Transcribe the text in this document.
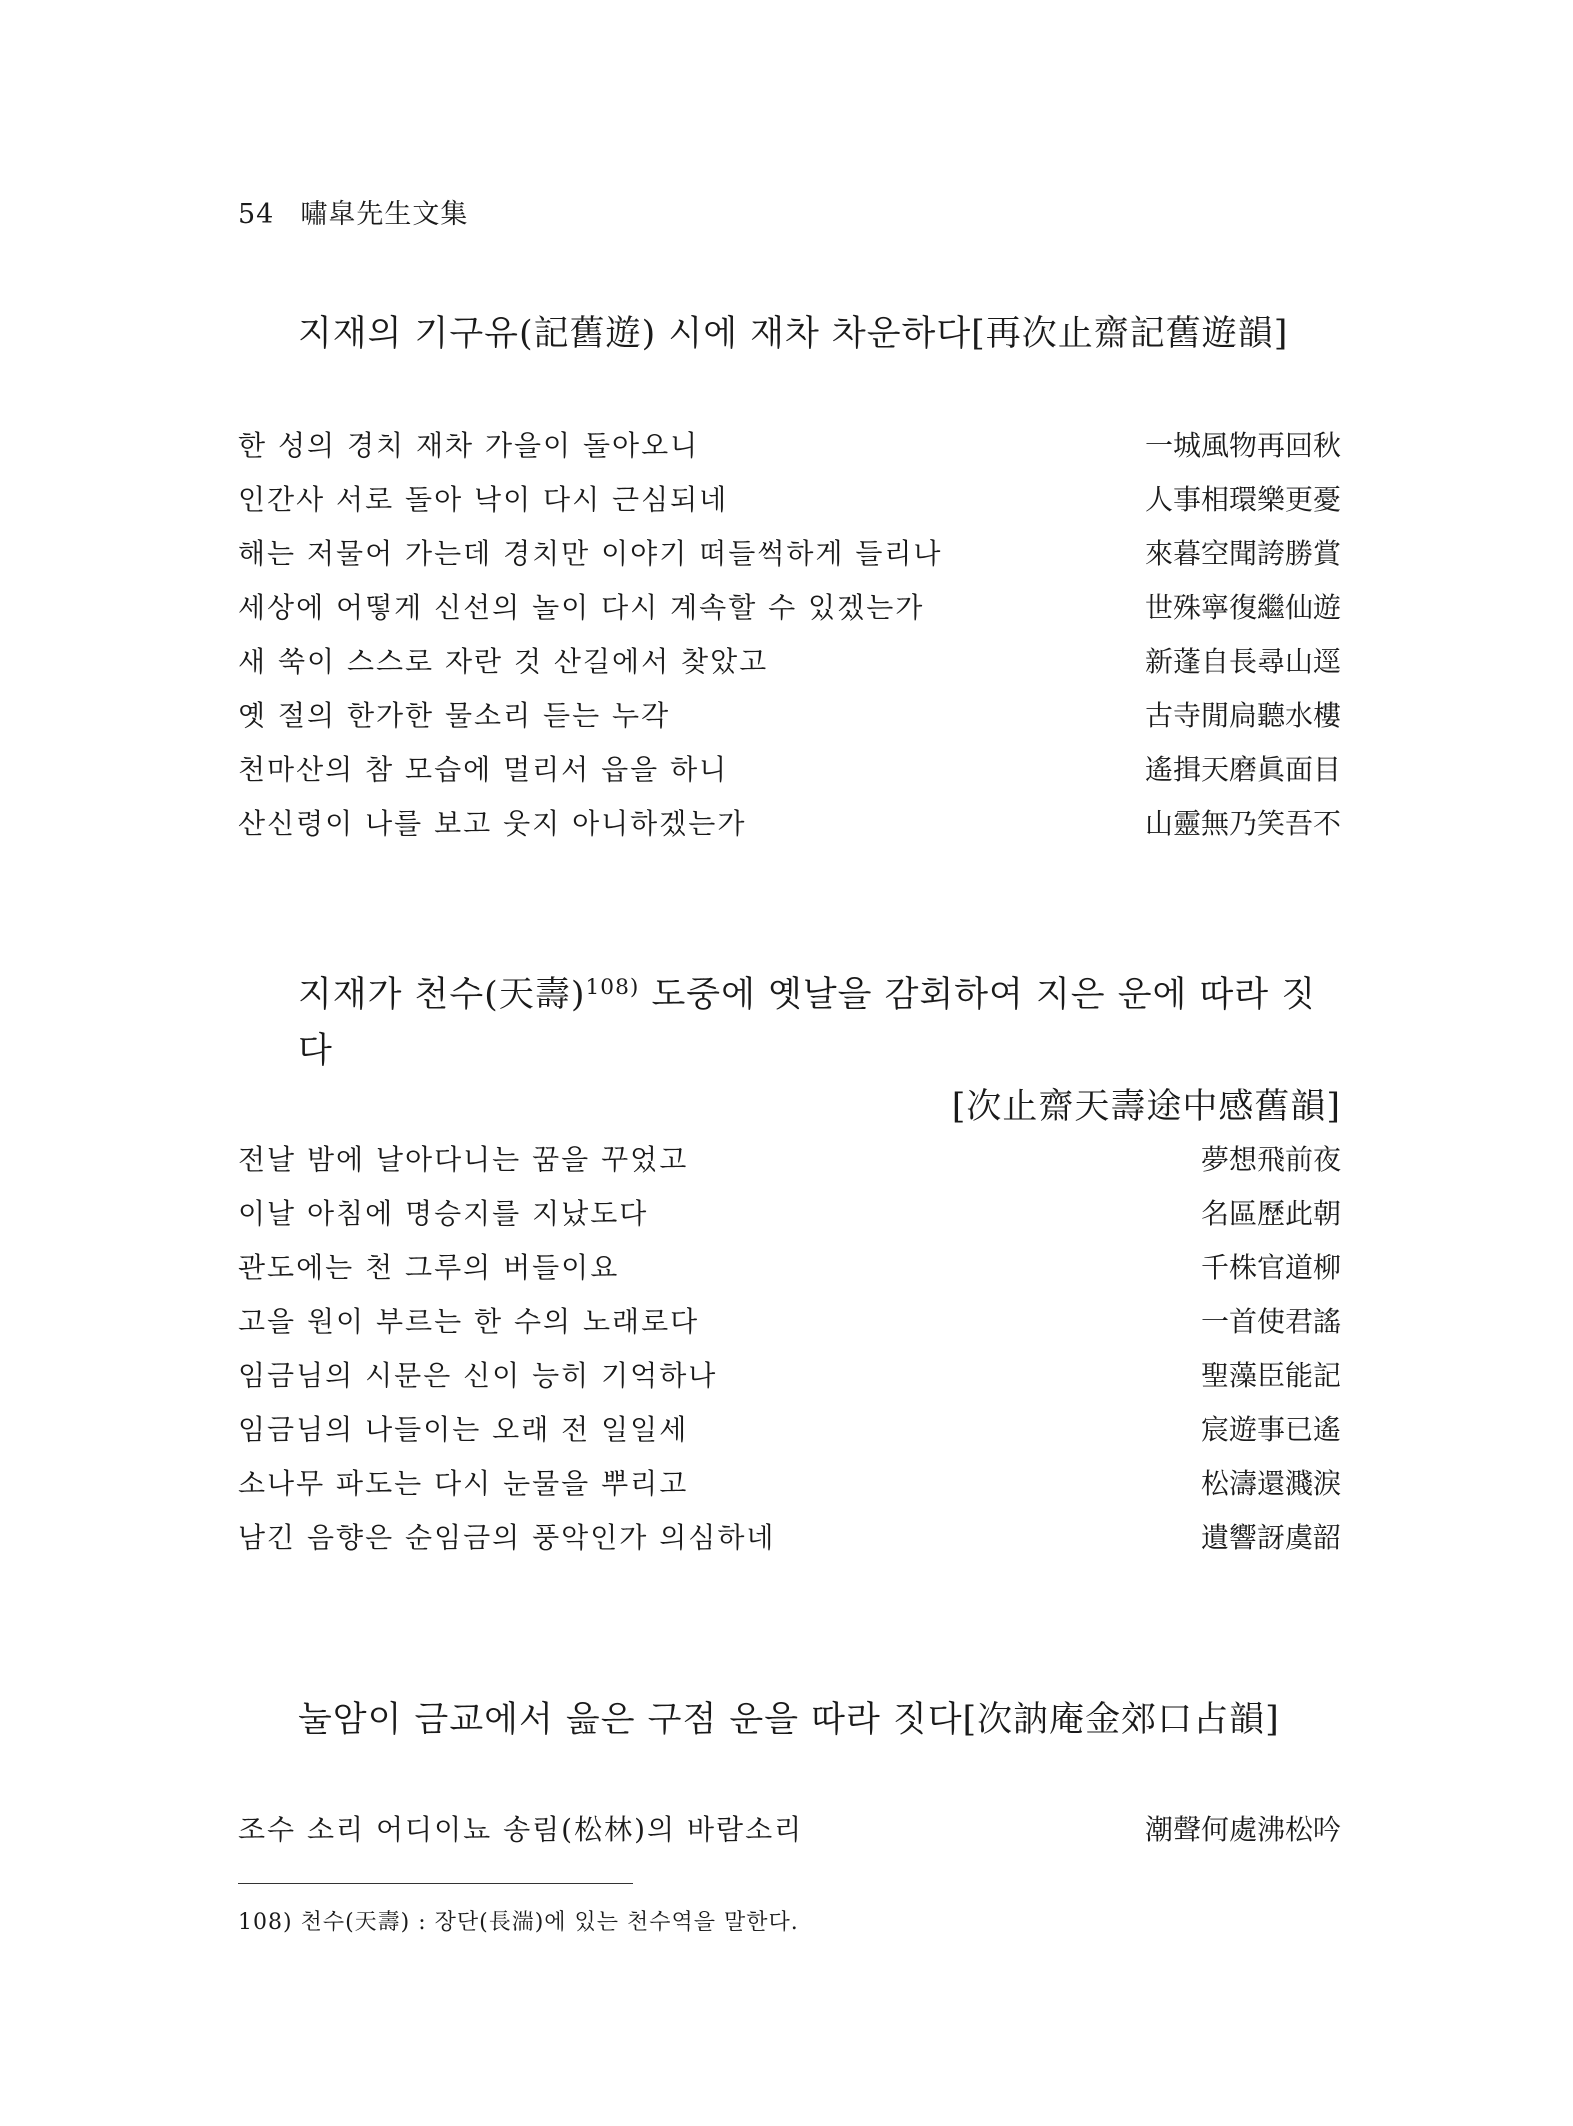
54 嘯皐先生文集
지재의 기구유(記舊遊) 시에 재차 차운하다[再次止齋記舊遊韻]
한 성의 경치 재차 가을이 돌아오니	一城風物再回秋
인간사 서로 돌아 낙이 다시 근심되네	人事相環樂更憂
해는 저물어 가는데 경치만 이야기 떠들썩하게 들리나	來暮空聞誇勝賞
세상에 어떻게 신선의 놀이 다시 계속할 수 있겠는가	世殊寧復繼仙遊
새 쑥이 스스로 자란 것 산길에서 찾았고	新蓬自長尋山逕
옛 절의 한가한 물소리 듣는 누각	古寺閒扃聽水樓
천마산의 참 모습에 멀리서 읍을 하니	遙揖天磨眞面目
산신령이 나를 보고 웃지 아니하겠는가	山靈無乃笑吾不
지재가 천수(天壽)$^{108)}$ 도중에 옛날을 감회하여 지은 운에 따라 짓다
[次止齋天壽途中感舊韻]
전날 밤에 날아다니는 꿈을 꾸었고	夢想飛前夜
이날 아침에 명승지를 지났도다	名區歷此朝
관도에는 천 그루의 버들이요	千株官道柳
고을 원이 부르는 한 수의 노래로다	一首使君謠
임금님의 시문은 신이 능히 기억하나	聖藻臣能記
임금님의 나들이는 오래 전 일일세	宸遊事已遙
소나무 파도는 다시 눈물을 뿌리고	松濤還濺淚
남긴 음향은 순임금의 풍악인가 의심하네	遺響訝虞韶
눌암이 금교에서 읊은 구점 운을 따라 짓다[次訥庵金郊口占韻]
조수 소리 어디이뇨 송림(松林)의 바람소리	潮聲何處沸松吟
108) 천수(天壽) : 장단(長湍)에 있는 천수역을 말한다.
